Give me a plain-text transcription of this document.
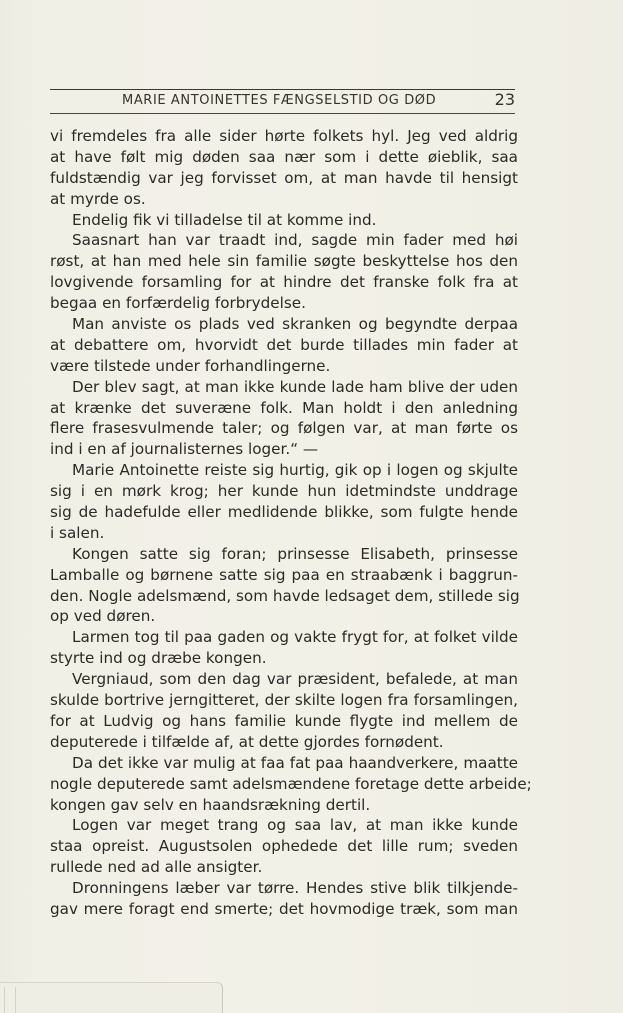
MARIE ANTOINETTES FÆNGSELSTID OG DØD	23
vi fremdeles fra alle sider hørte folkets hyl. Jeg ved aldrig
at have følt mig døden saa nær som i dette øieblik, saa
fuldstændig var jeg forvisset om, at man havde til hensigt
at myrde os.
Endelig fik vi tilladelse til at komme ind.
Saasnart han var traadt ind, sagde min fader med høi
røst, at han med hele sin familie søgte beskyttelse hos den
lovgivende forsamling for at hindre det franske folk fra at
begaa en forfærdelig forbrydelse.
Man anviste os plads ved skranken og begyndte derpaa
at debattere om, hvorvidt det burde tillades min fader at
være tilstede under forhandlingerne.
Der blev sagt, at man ikke kunde lade ham blive der uden
at krænke det suveræne folk. Man holdt i den anledning
flere frasesvulmende taler; og følgen var, at man førte os
ind i en af journalisternes loger.“ —
Marie Antoinette reiste sig hurtig, gik op i logen og skjulte
sig i en mørk krog; her kunde hun idetmindste unddrage
sig de hadefulde eller medlidende blikke, som fulgte hende
i salen.
Kongen satte sig foran; prinsesse Elisabeth, prinsesse
Lamballe og børnene satte sig paa en straabænk i baggrun-
den. Nogle adelsmænd, som havde ledsaget dem, stillede sig
op ved døren.
Larmen tog til paa gaden og vakte frygt for, at folket vilde
styrte ind og dræbe kongen.
Vergniaud, som den dag var præsident, befalede, at man
skulde bortrive jerngitteret, der skilte logen fra forsamlingen,
for at Ludvig og hans familie kunde flygte ind mellem de
deputerede i tilfælde af, at dette gjordes fornødent.
Da det ikke var mulig at faa fat paa haandverkere, maatte
nogle deputerede samt adelsmændene foretage dette arbeide;
kongen gav selv en haandsrækning dertil.
Logen var meget trang og saa lav, at man ikke kunde
staa opreist. Augustsolen ophedede det lille rum; sveden
rullede ned ad alle ansigter.
Dronningens læber var tørre. Hendes stive blik tilkjende-
gav mere foragt end smerte; det hovmodige træk, som man
